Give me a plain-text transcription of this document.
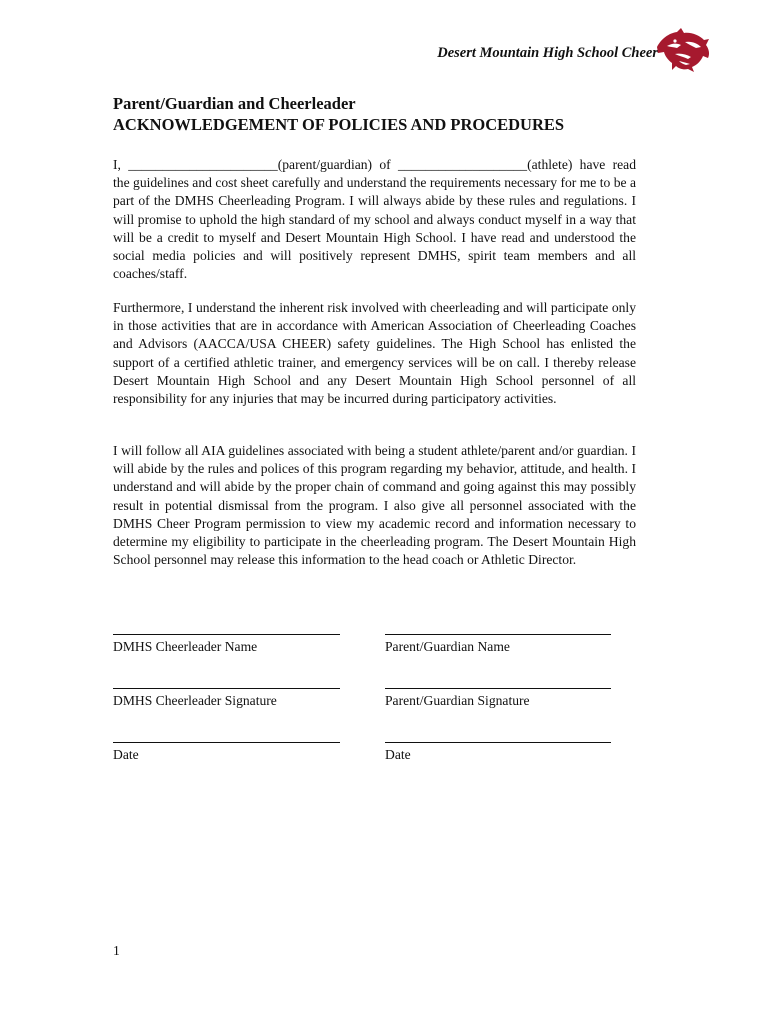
Desert Mountain High School Cheer
Parent/Guardian and Cheerleader
ACKNOWLEDGEMENT OF POLICIES AND PROCEDURES

I, ______________________(parent/guardian) of ___________________(athlete) have read the guidelines and cost sheet carefully and understand the requirements necessary for me to be a part of the DMHS Cheerleading Program. I will always abide by these rules and regulations. I will promise to uphold the high standard of my school and always conduct myself in a way that will be a credit to myself and Desert Mountain High School. I have read and understood the social media policies and will positively represent DMHS, spirit team members and all coaches/staff.

Furthermore, I understand the inherent risk involved with cheerleading and will participate only in those activities that are in accordance with American Association of Cheerleading Coaches and Advisors (AACCA/USA CHEER) safety guidelines. The High School has enlisted the support of a certified athletic trainer, and emergency services will be on call. I thereby release Desert Mountain High School and any Desert Mountain High School personnel of all responsibility for any injuries that may be incurred during participatory activities.

I will follow all AIA guidelines associated with being a student athlete/parent and/or guardian. I will abide by the rules and polices of this program regarding my behavior, attitude, and health. I understand and will abide by the proper chain of command and going against this may possibly result in potential dismissal from the program. I also give all personnel associated with the DMHS Cheer Program permission to view my academic record and information necessary to determine my eligibility to participate in the cheerleading program. The Desert Mountain High School personnel may release this information to the head coach or Athletic Director.

DMHS Cheerleader Name	Parent/Guardian Name
DMHS Cheerleader Signature	Parent/Guardian Signature
Date	Date
1
